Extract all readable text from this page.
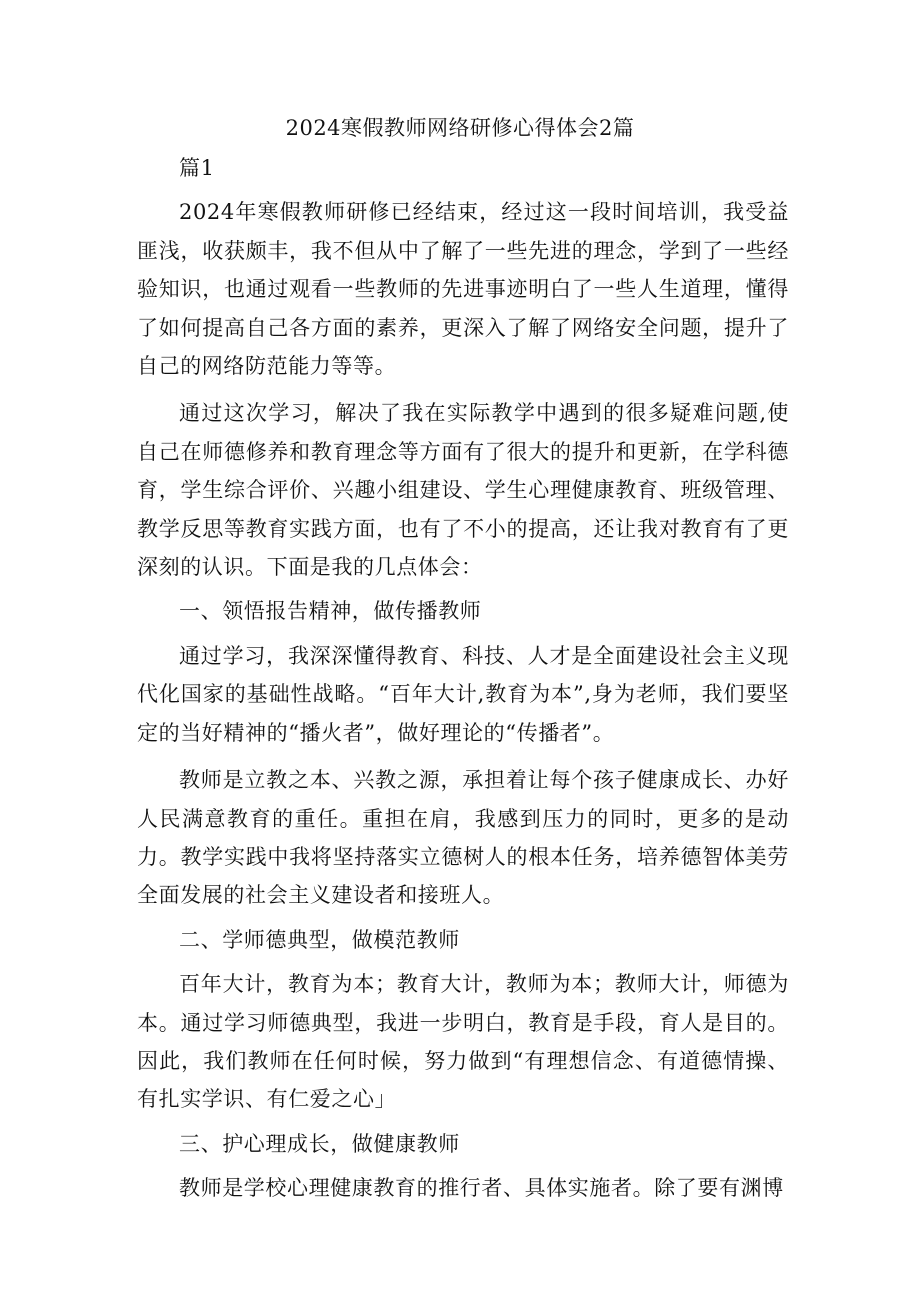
2024寒假教师网络研修心得体会2篇

篇1

2024年寒假教师研修已经结束，经过这一段时间培训，我受益匪浅，收获颇丰，我不但从中了解了一些先进的理念，学到了一些经验知识，也通过观看一些教师的先进事迹明白了一些人生道理，懂得了如何提高自己各方面的素养，更深入了解了网络安全问题，提升了自己的网络防范能力等等。

通过这次学习，解决了我在实际教学中遇到的很多疑难问题,使自己在师德修养和教育理念等方面有了很大的提升和更新，在学科德育，学生综合评价、兴趣小组建设、学生心理健康教育、班级管理、教学反思等教育实践方面，也有了不小的提高，还让我对教育有了更深刻的认识。下面是我的几点体会：

一、领悟报告精神，做传播教师

通过学习，我深深懂得教育、科技、人才是全面建设社会主义现代化国家的基础性战略。“百年大计,教育为本”,身为老师，我们要坚定的当好精神的“播火者”，做好理论的“传播者”。

教师是立教之本、兴教之源，承担着让每个孩子健康成长、办好人民满意教育的重任。重担在肩，我感到压力的同时，更多的是动力。教学实践中我将坚持落实立德树人的根本任务，培养德智体美劳全面发展的社会主义建设者和接班人。

二、学师德典型，做模范教师

百年大计，教育为本；教育大计，教师为本；教师大计，师德为本。通过学习师德典型，我进一步明白，教育是手段，育人是目的。因此，我们教师在任何时候，努力做到“有理想信念、有道德情操、有扎实学识、有仁爱之心」

三、护心理成长，做健康教师

教师是学校心理健康教育的推行者、具体实施者。除了要有渊博
